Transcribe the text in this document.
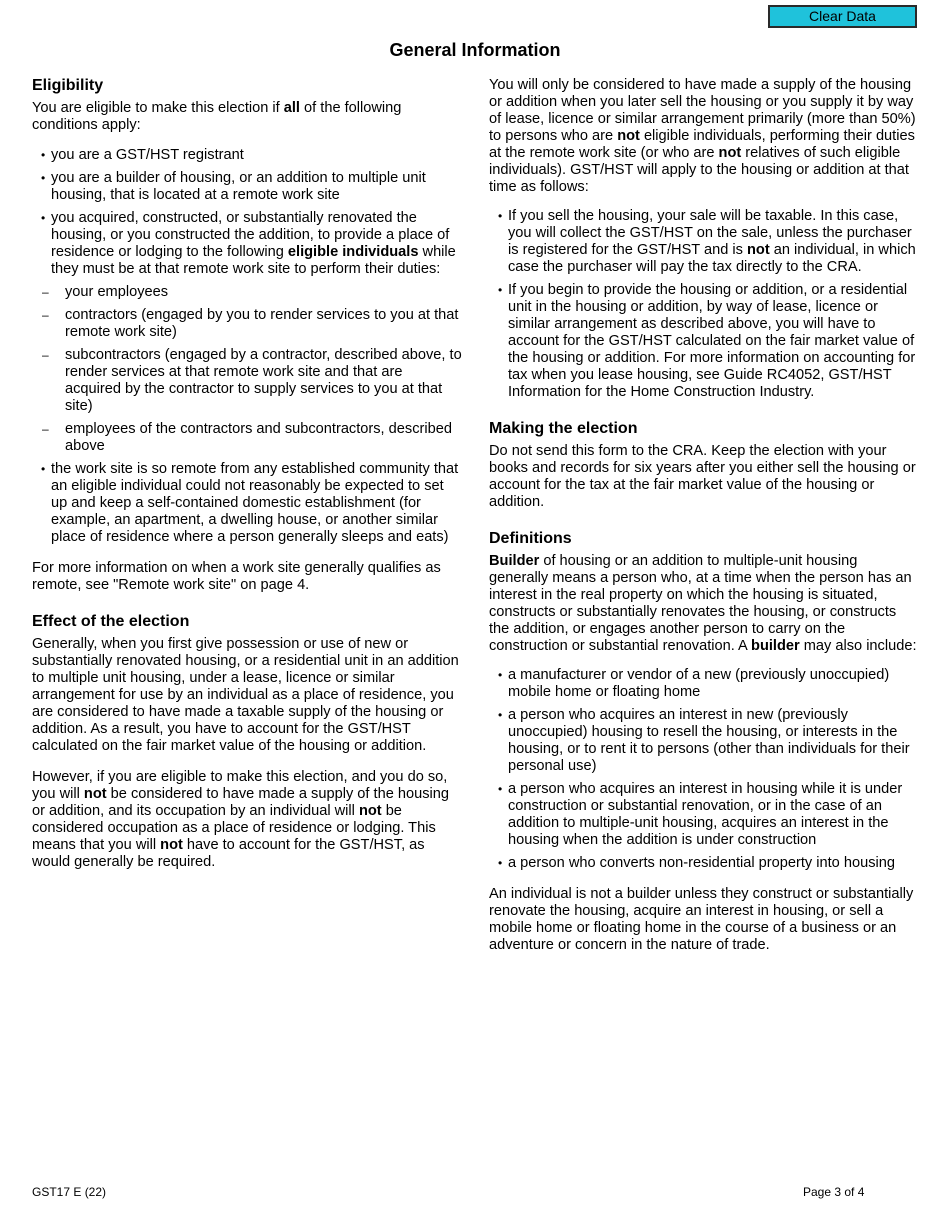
Clear Data
General Information
Eligibility

You are eligible to make this election if all of the following conditions apply:

• you are a GST/HST registrant
• you are a builder of housing, or an addition to multiple unit housing, that is located at a remote work site
• you acquired, constructed, or substantially renovated the housing, or you constructed the addition, to provide a place of residence or lodging to the following eligible individuals while they must be at that remote work site to perform their duties:
– your employees
– contractors (engaged by you to render services to you at that remote work site)
– subcontractors (engaged by a contractor, described above, to render services at that remote work site and that are acquired by the contractor to supply services to you at that site)
– employees of the contractors and subcontractors, described above
• the work site is so remote from any established community that an eligible individual could not reasonably be expected to set up and keep a self-contained domestic establishment (for example, an apartment, a dwelling house, or another similar place of residence where a person generally sleeps and eats)

For more information on when a work site generally qualifies as remote, see "Remote work site" on page 4.

Effect of the election

Generally, when you first give possession or use of new or substantially renovated housing, or a residential unit in an addition to multiple unit housing, under a lease, licence or similar arrangement for use by an individual as a place of residence, you are considered to have made a taxable supply of the housing or addition. As a result, you have to account for the GST/HST calculated on the fair market value of the housing or addition.

However, if you are eligible to make this election, and you do so, you will not be considered to have made a supply of the housing or addition, and its occupation by an individual will not be considered occupation as a place of residence or lodging. This means that you will not have to account for the GST/HST, as would generally be required.

You will only be considered to have made a supply of the housing or addition when you later sell the housing or you supply it by way of lease, licence or similar arrangement primarily (more than 50%) to persons who are not eligible individuals, performing their duties at the remote work site (or who are not relatives of such eligible individuals). GST/HST will apply to the housing or addition at that time as follows:

• If you sell the housing, your sale will be taxable. In this case, you will collect the GST/HST on the sale, unless the purchaser is registered for the GST/HST and is not an individual, in which case the purchaser will pay the tax directly to the CRA.
• If you begin to provide the housing or addition, or a residential unit in the housing or addition, by way of lease, licence or similar arrangement as described above, you will have to account for the GST/HST calculated on the fair market value of the housing or addition. For more information on accounting for tax when you lease housing, see Guide RC4052, GST/HST Information for the Home Construction Industry.
Making the election

Do not send this form to the CRA. Keep the election with your books and records for six years after you either sell the housing or account for the tax at the fair market value of the housing or addition.

Definitions

Builder of housing or an addition to multiple-unit housing generally means a person who, at a time when the person has an interest in the real property on which the housing is situated, constructs or substantially renovates the housing, or constructs the addition, or engages another person to carry on the construction or substantial renovation. A builder may also include:

• a manufacturer or vendor of a new (previously unoccupied) mobile home or floating home
• a person who acquires an interest in new (previously unoccupied) housing to resell the housing, or interests in the housing, or to rent it to persons (other than individuals for their personal use)
• a person who acquires an interest in housing while it is under construction or substantial renovation, or in the case of an addition to multiple-unit housing, acquires an interest in the housing when the addition is under construction
• a person who converts non-residential property into housing

An individual is not a builder unless they construct or substantially renovate the housing, acquire an interest in housing, or sell a mobile home or floating home in the course of a business or an adventure or concern in the nature of trade.

GST17 E (22)	Page 3 of 4
